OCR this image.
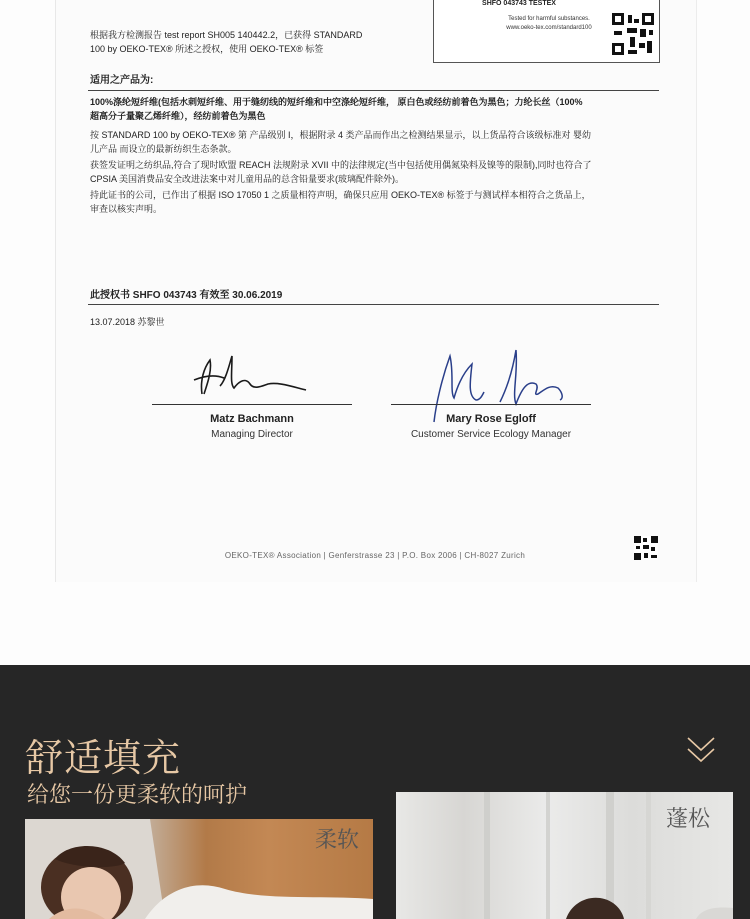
SHFO 043743 TESTEX
Tested for harmful substances.
www.oeko-tex.com/standard100
根据我方检测报告 test report SH005 140442.2，已获得 STANDARD
100 by OEKO-TEX® 所述之授权，使用 OEKO-TEX® 标签
适用之产品为:
100%涤纶短纤维(包括水刺短纤维、用于缝纫线的短纤维和中空涤纶短纤维， 原白色或经纺前着色为黑色；力纶长丝（100%
超高分子量聚乙烯纤维），经纺前着色为黑色
按 STANDARD 100 by OEKO-TEX® 第 产品级别 I，根据附录 4 类产品而作出之检测结果显示，以上货品符合该级标准对 婴幼
儿产品 而设立的最新纺织生态条款。
获签发证明之纺织品,符合了现时欧盟 REACH 法规附录 XVII 中的法律规定(当中包括使用偶氮染料及镍等的限制),同时也符合了
CPSIA 美国消费品安全改进法案中对儿童用品的总含铅量要求(玻璃配件除外)。
持此证书的公司，已作出了根据 ISO 17050 1 之质量相符声明，确保只应用 OEKO-TEX® 标签于与测试样本相符合之货品上，
审查以核实声明。
此授权书 SHFO 043743 有效至 30.06.2019
13.07.2018 苏黎世
Matz Bachmann
Managing Director
Mary Rose Egloff
Customer Service Ecology Manager
OEKO-TEX® Association | Genferstrasse 23 | P.O. Box 2006 | CH-8027 Zurich
舒适填充
给您一份更柔软的呵护
柔软
蓬松
